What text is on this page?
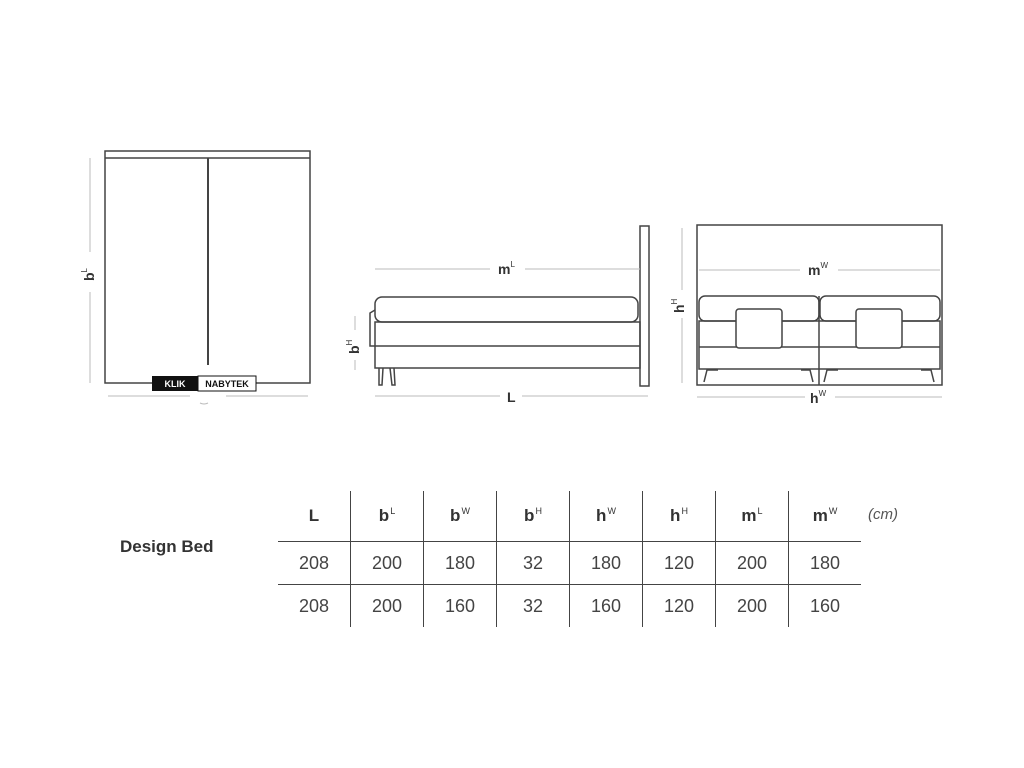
$b^L$
KLIK NABYTEK
$m^L$
$b^H$
L
$m^W$
$h^H$
$h^W$
Design Bed
L	$b^L$	$b^W$	$b^H$	$h^W$	$h^H$	$m^L$	$m^W$
208	200	180	32	180	120	200	180
208	200	160	32	160	120	200	160
(cm)
